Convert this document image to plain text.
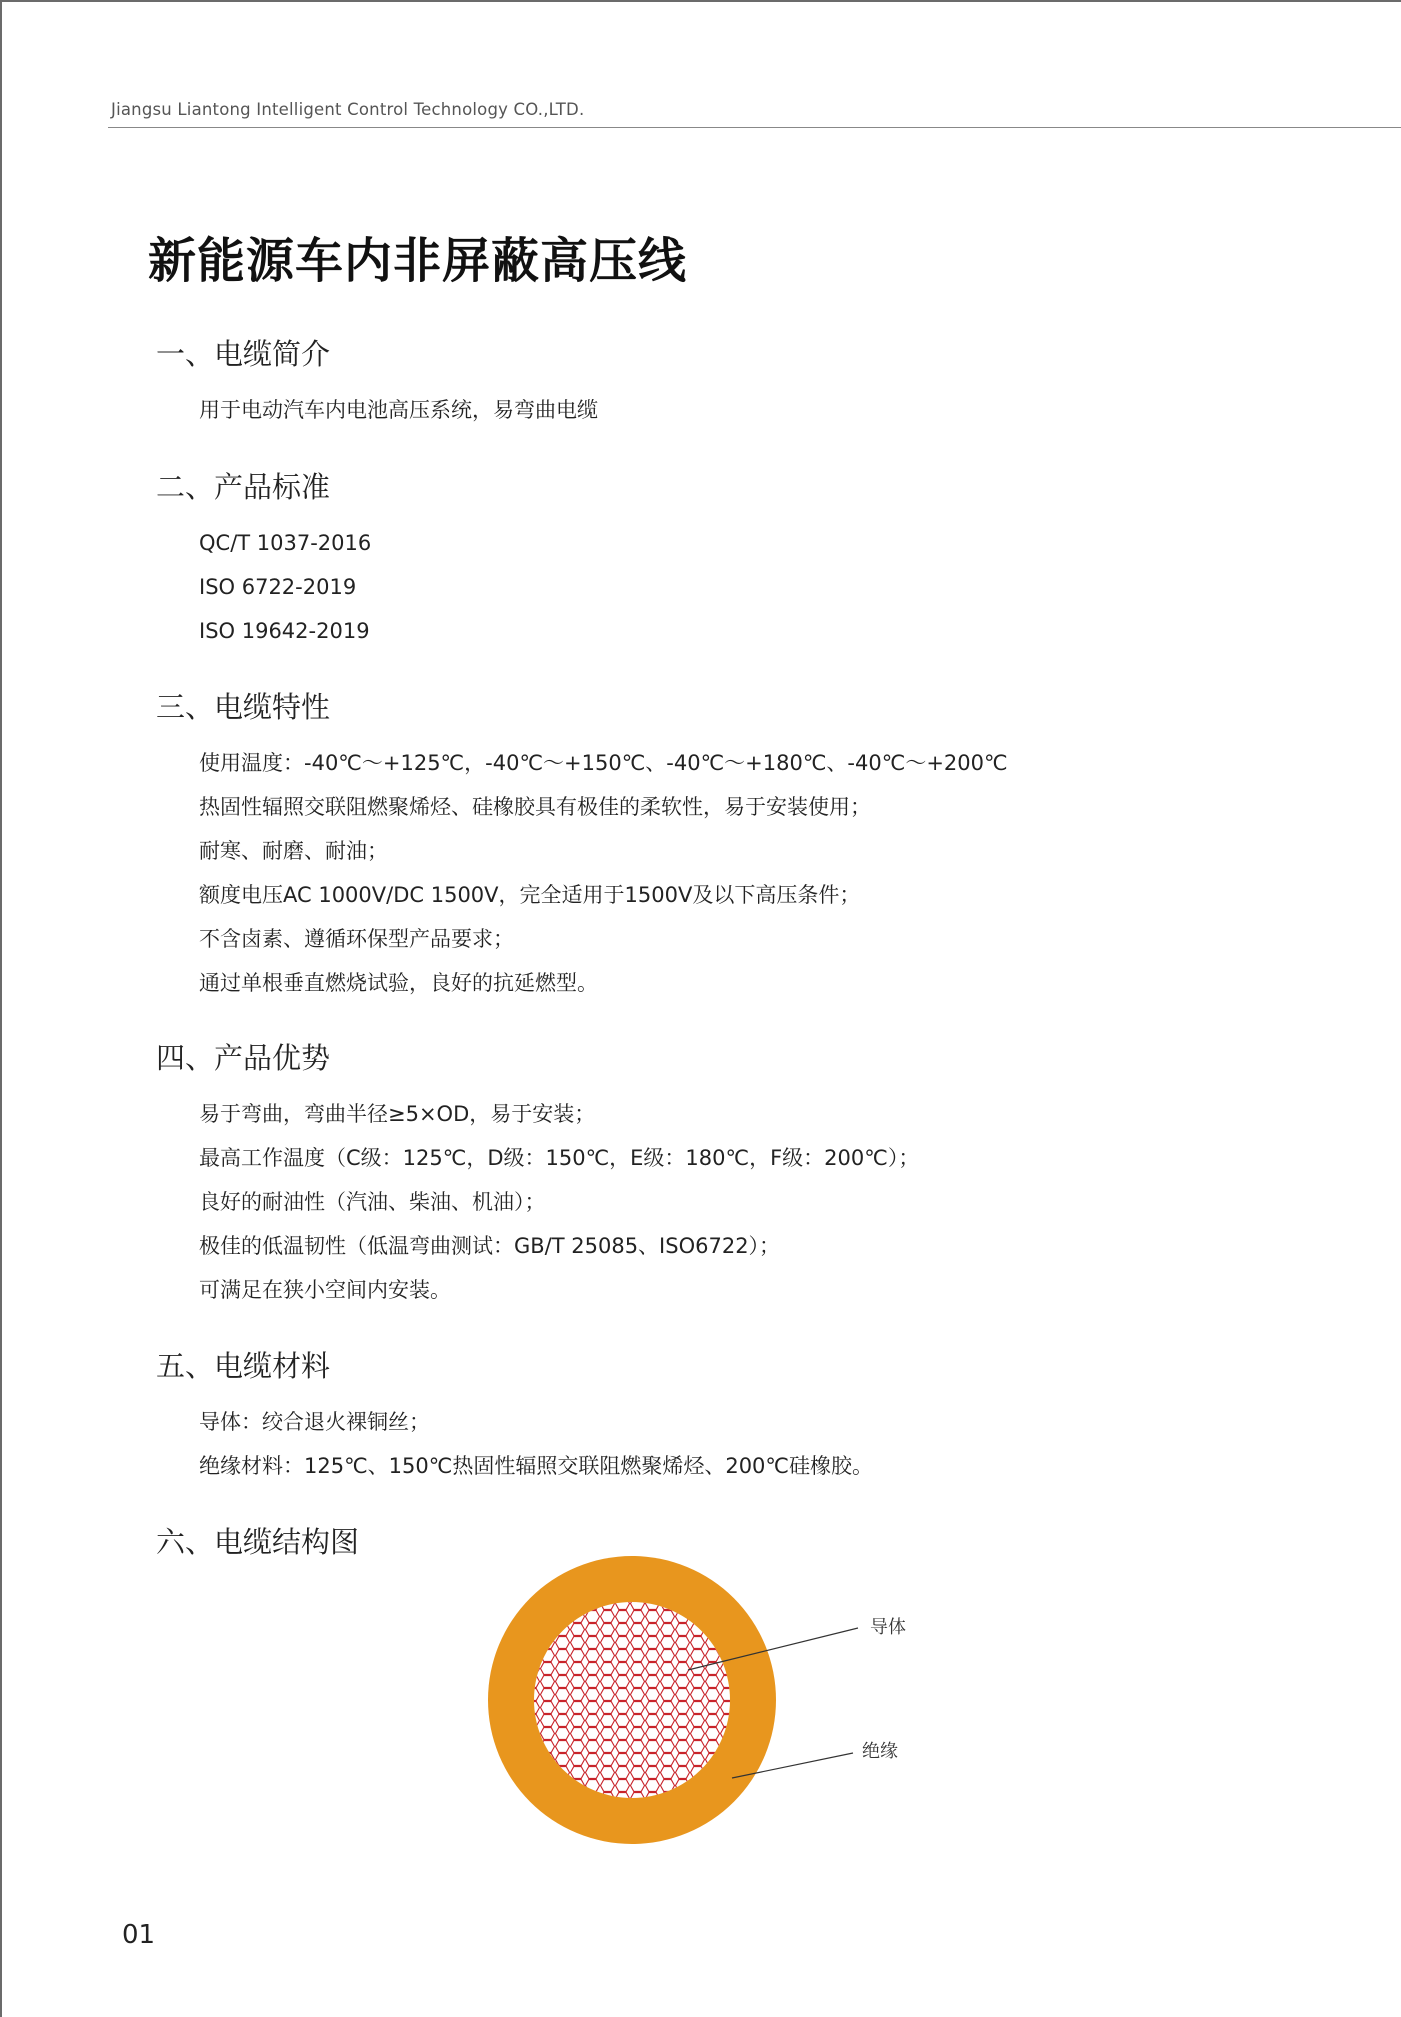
Jiangsu Liantong Intelligent Control Technology CO.,LTD.
新能源车内非屏蔽高压线
一、电缆简介
用于电动汽车内电池高压系统，易弯曲电缆
二、产品标准
QC/T 1037-2016
ISO 6722-2019
ISO 19642-2019
三、电缆特性
使用温度：-40℃～+125℃，-40℃～+150℃、-40℃～+180℃、-40℃～+200℃
热固性辐照交联阻燃聚烯烃、硅橡胶具有极佳的柔软性，易于安装使用；
耐寒、耐磨、耐油；
额度电压AC 1000V/DC 1500V，完全适用于1500V及以下高压条件；
不含卤素、遵循环保型产品要求；
通过单根垂直燃烧试验，良好的抗延燃型。
四、产品优势
易于弯曲，弯曲半径≥5×OD，易于安装；
最高工作温度（C级：125℃，D级：150℃，E级：180℃，F级：200℃）；
良好的耐油性（汽油、柴油、机油）；
极佳的低温韧性（低温弯曲测试：GB/T 25085、ISO6722）；
可满足在狭小空间内安装。
五、电缆材料
导体：绞合退火裸铜丝；
绝缘材料：125℃、150℃热固性辐照交联阻燃聚烯烃、200℃硅橡胶。
六、电缆结构图
导体
绝缘
01
